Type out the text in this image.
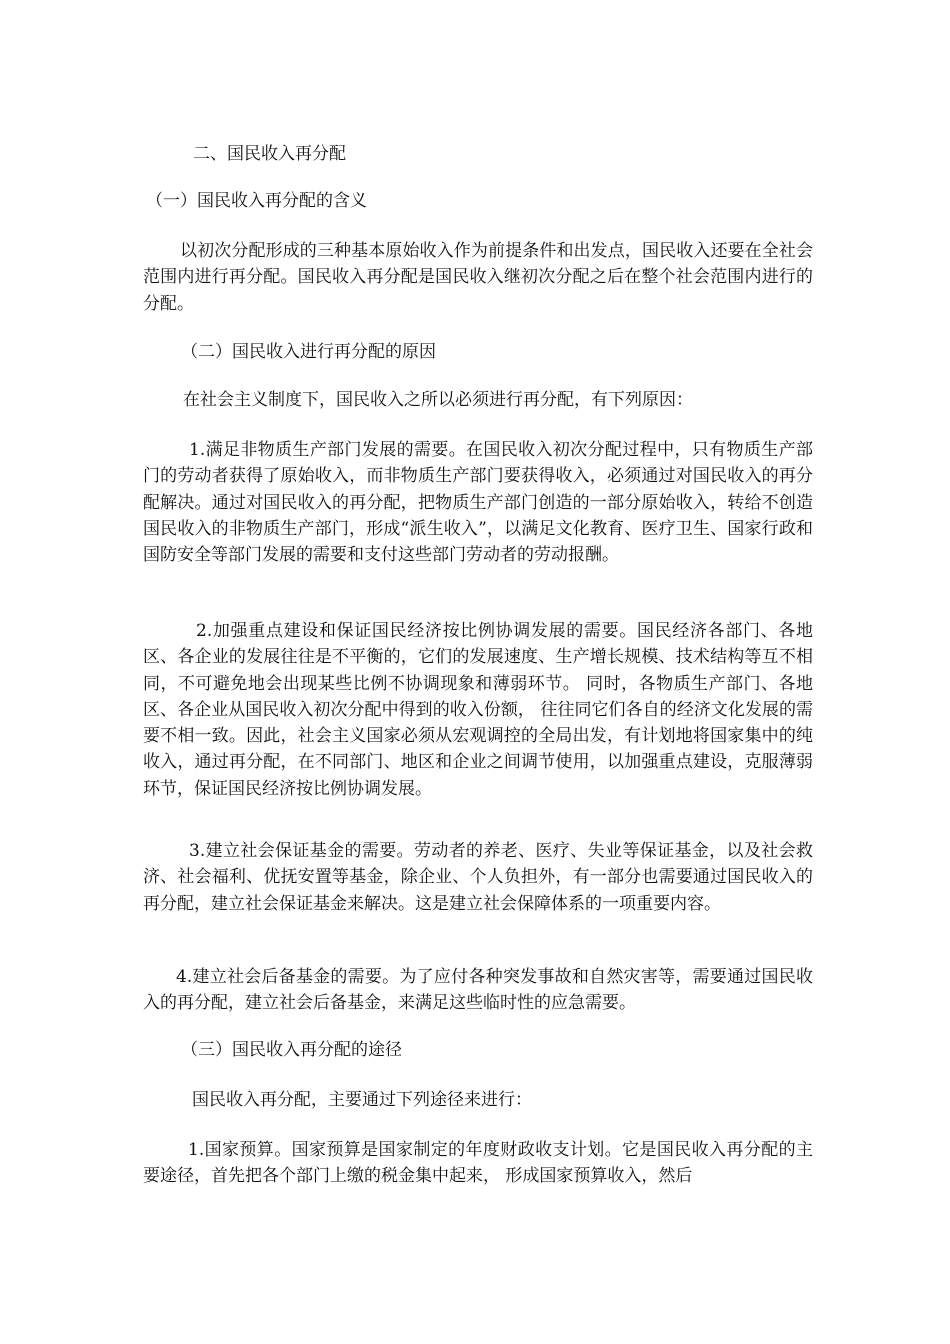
二、国民收入再分配

（一）国民收入再分配的含义

以初次分配形成的三种基本原始收入作为前提条件和出发点，国民收入还要在全社会范围内进行再分配。国民收入再分配是国民收入继初次分配之后在整个社会范围内进行的分配。

（二）国民收入进行再分配的原因

在社会主义制度下，国民收入之所以必须进行再分配，有下列原因：

1.满足非物质生产部门发展的需要。在国民收入初次分配过程中，只有物质生产部门的劳动者获得了原始收入，而非物质生产部门要获得收入，必须通过对国民收入的再分配解决。通过对国民收入的再分配，把物质生产部门创造的一部分原始收入，转给不创造国民收入的非物质生产部门，形成“派生收入”，以满足文化教育、医疗卫生、国家行政和国防安全等部门发展的需要和支付这些部门劳动者的劳动报酬。

2.加强重点建设和保证国民经济按比例协调发展的需要。国民经济各部门、各地区、各企业的发展往往是不平衡的，它们的发展速度、生产增长规模、技术结构等互不相同，不可避免地会出现某些比例不协调现象和薄弱环节。 同时，各物质生产部门、各地区、各企业从国民收入初次分配中得到的收入份额， 往往同它们各自的经济文化发展的需要不相一致。因此，社会主义国家必须从宏观调控的全局出发，有计划地将国家集中的纯收入，通过再分配，在不同部门、地区和企业之间调节使用，以加强重点建设，克服薄弱环节，保证国民经济按比例协调发展。

3.建立社会保证基金的需要。劳动者的养老、医疗、失业等保证基金，以及社会救济、社会福利、优抚安置等基金，除企业、个人负担外，有一部分也需要通过国民收入的再分配，建立社会保证基金来解决。这是建立社会保障体系的一项重要内容。

4.建立社会后备基金的需要。为了应付各种突发事故和自然灾害等，需要通过国民收入的再分配，建立社会后备基金，来满足这些临时性的应急需要。

（三）国民收入再分配的途径

国民收入再分配，主要通过下列途径来进行：

1.国家预算。国家预算是国家制定的年度财政收支计划。它是国民收入再分配的主要途径，首先把各个部门上缴的税金集中起来， 形成国家预算收入，然后
